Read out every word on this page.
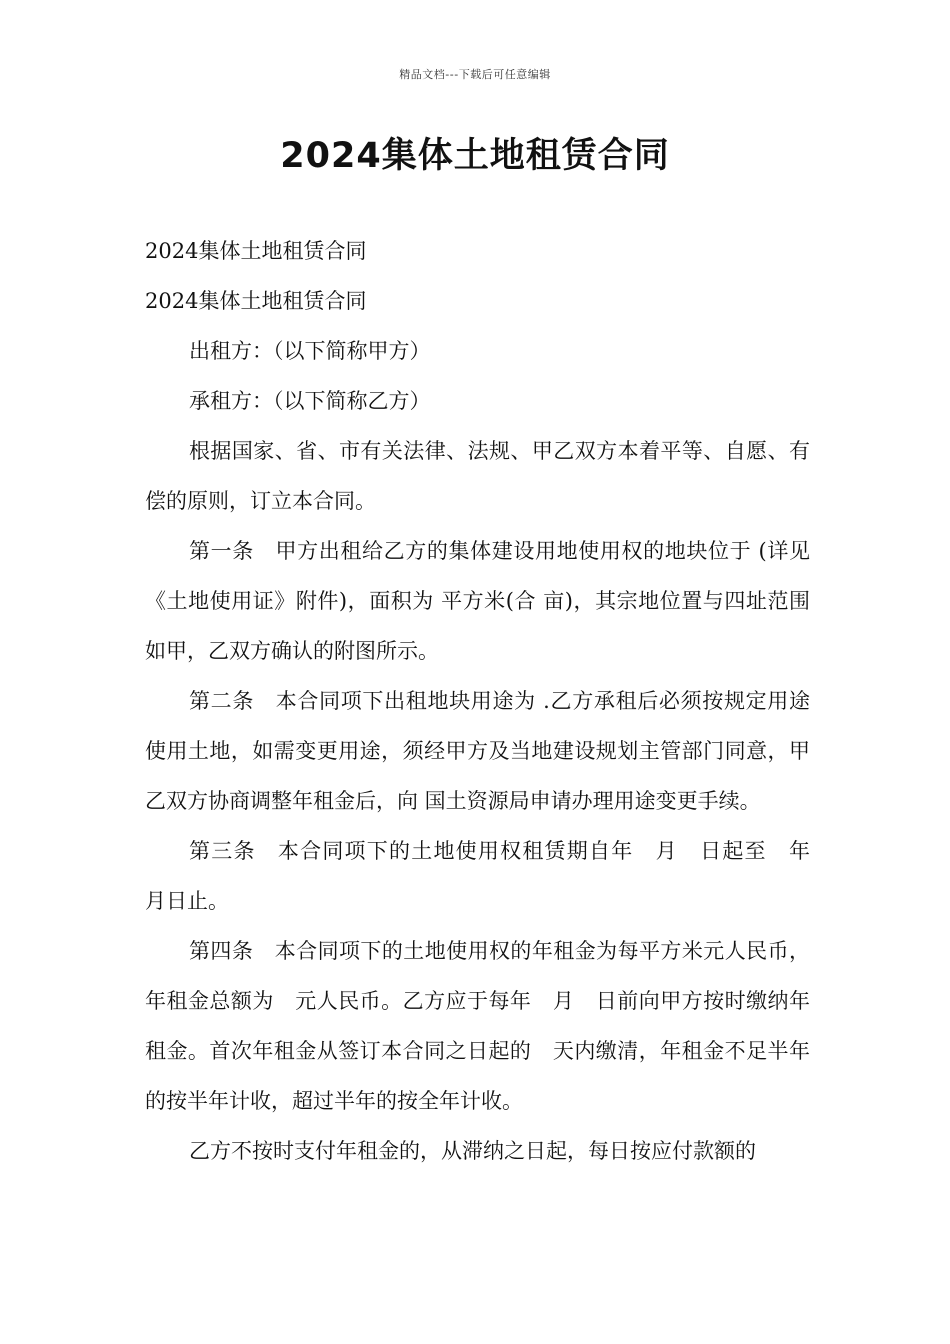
精品文档---下载后可任意编辑
2024集体土地租赁合同

2024集体土地租赁合同

2024集体土地租赁合同

出租方：（以下简称甲方）

承租方：（以下简称乙方）

根据国家、省、市有关法律、法规、甲乙双方本着平等、自愿、有偿的原则，订立本合同。

第一条　甲方出租给乙方的集体建设用地使用权的地块位于 (详见《土地使用证》附件)，面积为 平方米(合 亩)，其宗地位置与四址范围如甲，乙双方确认的附图所示。

第二条　本合同项下出租地块用途为 .乙方承租后必须按规定用途使用土地，如需变更用途，须经甲方及当地建设规划主管部门同意，甲乙双方协商调整年租金后，向 国土资源局申请办理用途变更手续。

第三条　本合同项下的土地使用权租赁期自年　月　日起至　年　月日止。

第四条　本合同项下的土地使用权的年租金为每平方米元人民币，年租金总额为　元人民币。乙方应于每年　月　日前向甲方按时缴纳年租金。首次年租金从签订本合同之日起的　天内缴清，年租金不足半年的按半年计收，超过半年的按全年计收。

乙方不按时支付年租金的，从滞纳之日起，每日按应付款额的
